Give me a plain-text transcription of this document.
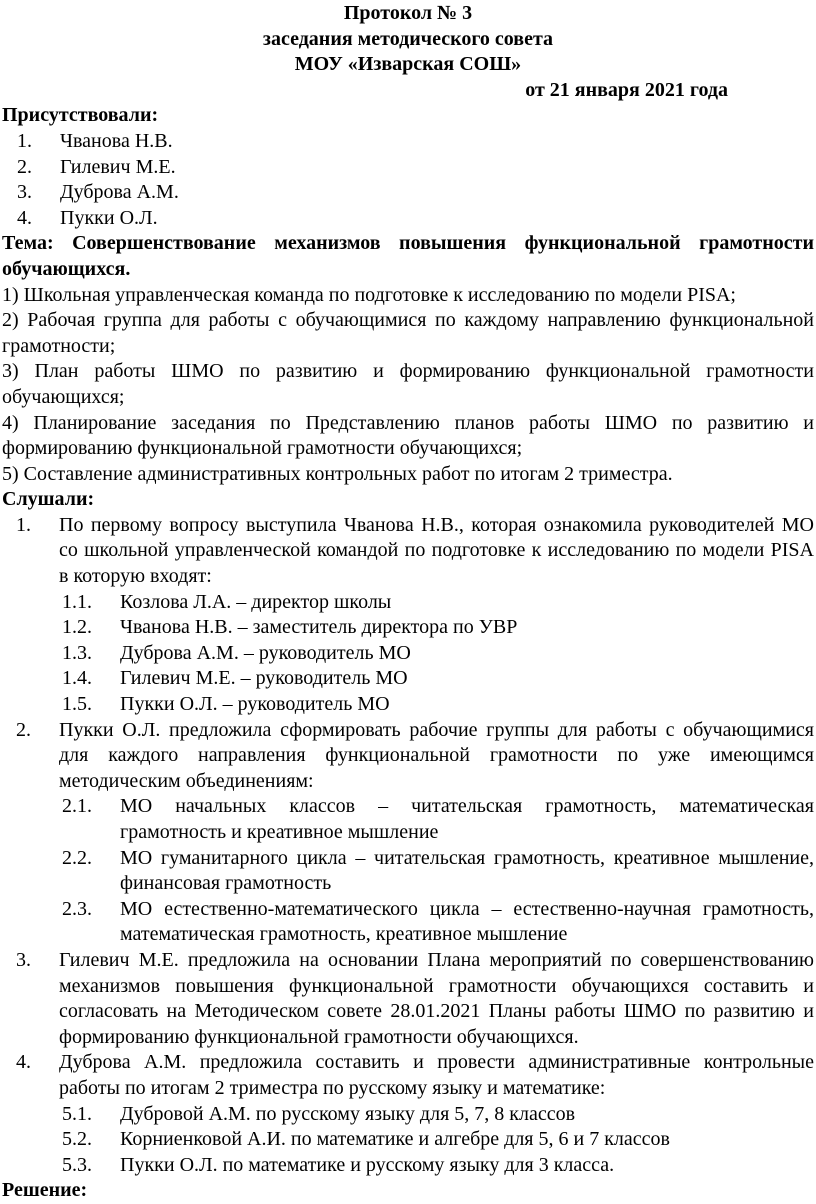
Протокол № 3
заседания методического совета
МОУ «Изварская СОШ»
от 21 января 2021 года
Присутствовали:
1.	Чванова Н.В.
2.	Гилевич М.Е.
3.	Дуброва А.М.
4.	Пукки О.Л.
Тема: Совершенствование механизмов повышения функциональной грамотности обучающихся.
1) Школьная управленческая команда по подготовке к исследованию по модели PISA;
2) Рабочая группа для работы с обучающимися по каждому направлению функциональной грамотности;
3) План работы ШМО по развитию и формированию функциональной грамотности обучающихся;
4) Планирование заседания по Представлению планов работы ШМО по развитию и формированию функциональной грамотности обучающихся;
5) Составление административных контрольных работ по итогам 2 триместра.
Слушали:
1.	По первому вопросу выступила Чванова Н.В., которая ознакомила руководителей МО со школьной управленческой командой по подготовке к исследованию по модели PISA в которую входят:
1.1.	Козлова Л.А. – директор школы
1.2.	Чванова Н.В. – заместитель директора по УВР
1.3.	Дуброва А.М. – руководитель МО
1.4.	Гилевич М.Е. – руководитель МО
1.5.	Пукки О.Л. – руководитель МО
2.	Пукки О.Л. предложила сформировать рабочие группы для работы с обучающимися для каждого направления функциональной грамотности по уже имеющимся методическим объединениям:
2.1.	МО начальных классов – читательская грамотность, математическая грамотность и креативное мышление
2.2.	МО гуманитарного цикла – читательская грамотность, креативное мышление, финансовая грамотность
2.3.	МО естественно-математического цикла – естественно-научная грамотность, математическая грамотность, креативное мышление
3.	Гилевич М.Е. предложила на основании Плана мероприятий по совершенствованию механизмов повышения функциональной грамотности обучающихся составить и согласовать на Методическом совете 28.01.2021 Планы работы ШМО по развитию и формированию функциональной грамотности обучающихся.
4.	Дуброва А.М. предложила составить и провести административные контрольные работы по итогам 2 триместра по русскому языку и математике:
5.1.	Дубровой А.М. по русскому языку для 5, 7, 8 классов
5.2.	Корниенковой А.И. по математике и алгебре для 5, 6 и 7 классов
5.3.	Пукки О.Л. по математике и русскому языку для 3 класса.
Решение:
